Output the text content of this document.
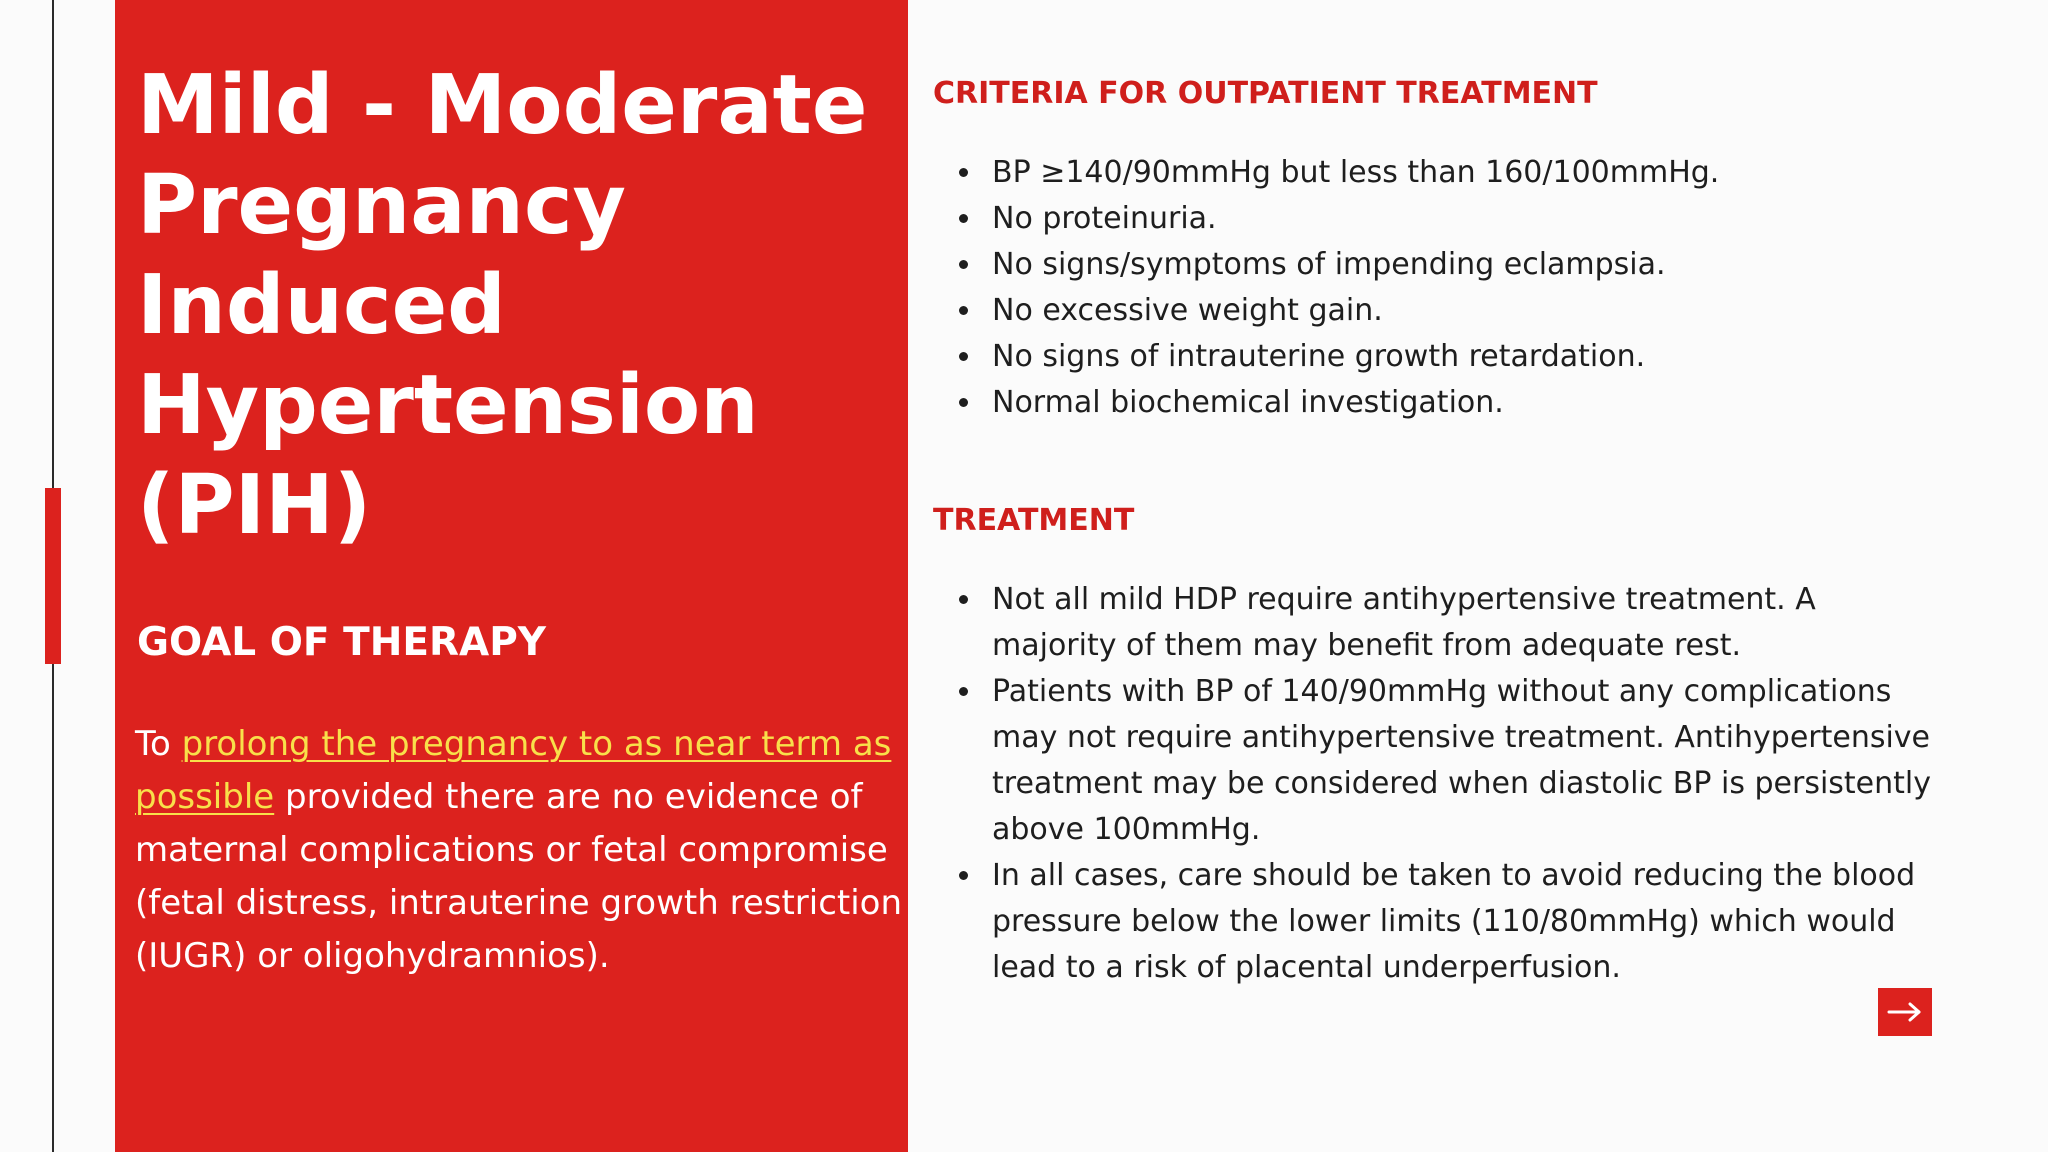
Mild - Moderate Pregnancy Induced Hypertension (PIH)
GOAL OF THERAPY

To prolong the pregnancy to as near term as possible provided there are no evidence of maternal complications or fetal compromise (fetal distress, intrauterine growth restriction (IUGR) or oligohydramnios).

CRITERIA FOR OUTPATIENT TREATMENT
• BP ≥140/90mmHg but less than 160/100mmHg.
• No proteinuria.
• No signs/symptoms of impending eclampsia.
• No excessive weight gain.
• No signs of intrauterine growth retardation.
• Normal biochemical investigation.
TREATMENT
• Not all mild HDP require antihypertensive treatment. A majority of them may benefit from adequate rest.
• Patients with BP of 140/90mmHg without any complications may not require antihypertensive treatment. Antihypertensive treatment may be considered when diastolic BP is persistently above 100mmHg.
• In all cases, care should be taken to avoid reducing the blood pressure below the lower limits (110/80mmHg) which would lead to a risk of placental underperfusion.
